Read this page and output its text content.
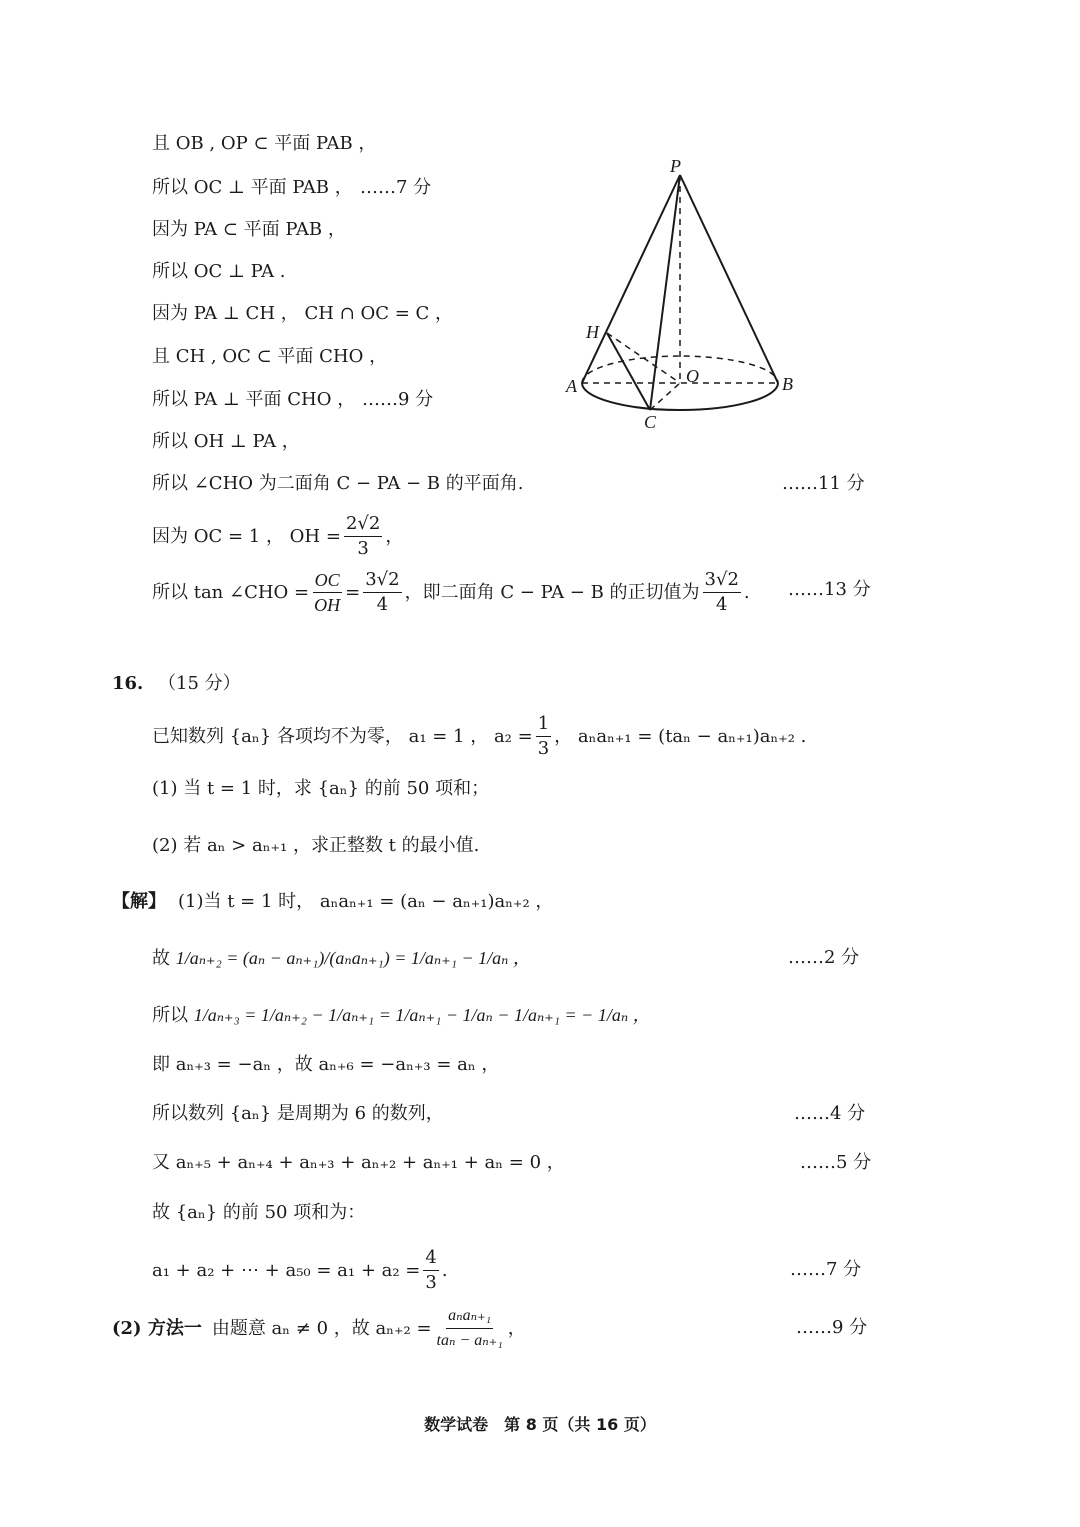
且 OB , OP ⊂ 平面 PAB ，
所以 OC ⊥ 平面 PAB ， ……7 分
因为 PA ⊂ 平面 PAB ，
所以 OC ⊥ PA .
因为 PA ⊥ CH ， CH ∩ OC = C ，
且 CH , OC ⊂ 平面 CHO ，
所以 PA ⊥ 平面 CHO ， ……9 分
所以 OH ⊥ PA ，
所以 ∠CHO 为二面角 C − PA − B 的平面角.	……11 分
因为 OC = 1 ， OH = $\frac{2√2}{3}$ ，
所以 tan ∠CHO = $\frac{OC}{OH} = \frac{3√2}{4}$ ，即二面角 C − PA − B 的正切值为 $\frac{3√2}{4}$ . ……13 分
P
H
A	O	B
C
16. （15 分）
已知数列 {aₙ} 各项均不为零， a₁ = 1 ， $a_2 = \frac{1}{3}$ ， aₙaₙ₊₁ = (taₙ − aₙ₊₁)aₙ₊₂ .
(1) 当 t = 1 时，求 {aₙ} 的前 50 项和；
(2) 若 aₙ > aₙ₊₁ ，求正整数 t 的最小值.
【解】 (1)当 t = 1 时， aₙaₙ₊₁ = (aₙ − aₙ₊₁)aₙ₊₂ ，
故 1/aₙ₊₂ = (aₙ − aₙ₊₁)/(aₙaₙ₊₁) = 1/aₙ₊₁ − 1/aₙ ，	……2 分
所以 1/aₙ₊₃ = 1/aₙ₊₂ − 1/aₙ₊₁ = 1/aₙ₊₁ − 1/aₙ − 1/aₙ₊₁ = − 1/aₙ ，
即 aₙ₊₃ = −aₙ ，故 aₙ₊₆ = −aₙ₊₃ = aₙ ，
所以数列 {aₙ} 是周期为 6 的数列，	……4 分
又 aₙ₊₅ + aₙ₊₄ + aₙ₊₃ + aₙ₊₂ + aₙ₊₁ + aₙ = 0 ，	……5 分
故 {aₙ} 的前 50 项和为：
a₁ + a₂ + ⋯ + $a_{50} = a_1 + a_2 = \frac{4}{3}$ .	……7 分
(2) 方法一 由题意 aₙ ≠ 0 ，故 $a_{n+2} = \frac{\text{aₙaₙ₊₁}}{\text{taₙ − aₙ₊₁}}$ ，	……9 分
数学试卷　第 8 页（共 16 页）
